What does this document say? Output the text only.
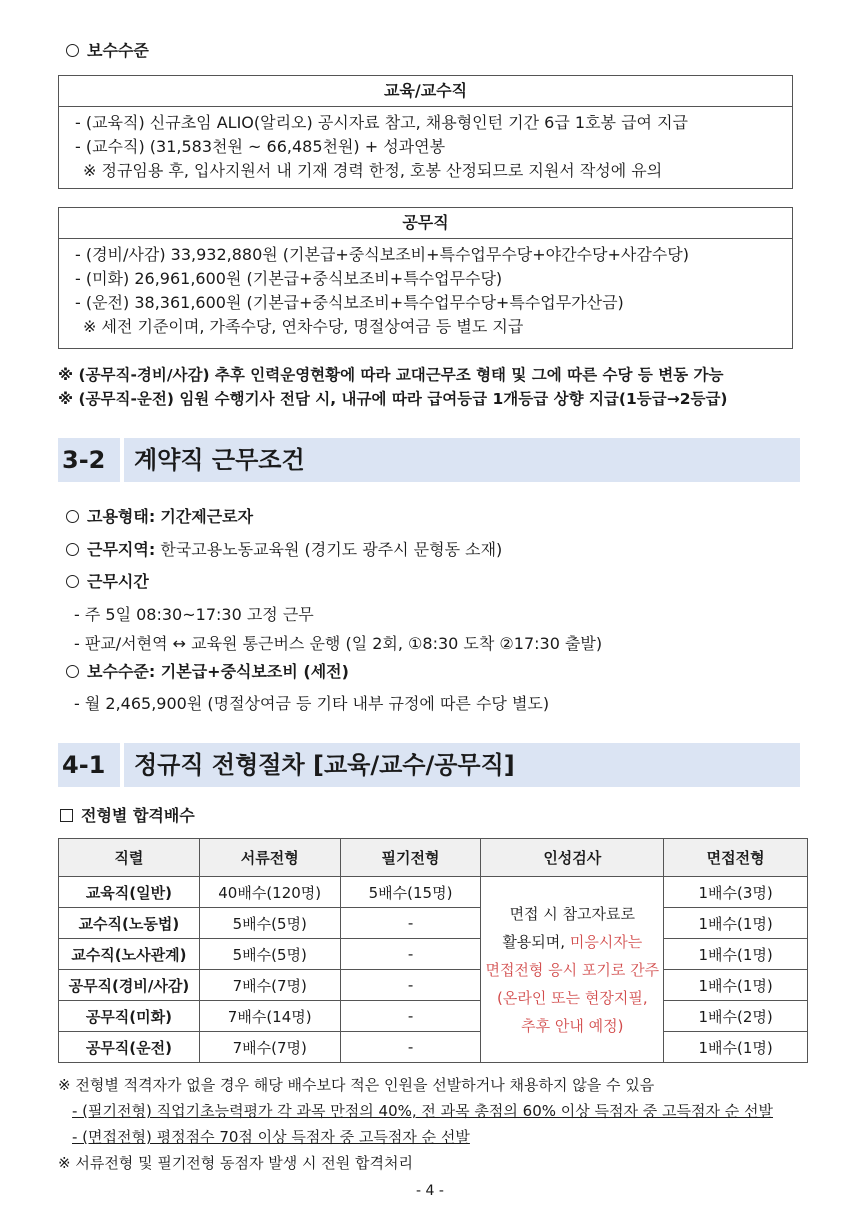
보수수준
교육/교수직
- (교육직) 신규초임 ALIO(알리오) 공시자료 참고, 채용형인턴 기간 6급 1호봉 급여 지급
- (교수직) (31,583천원 ~ 66,485천원) + 성과연봉
※ 정규임용 후, 입사지원서 내 기재 경력 한정, 호봉 산정되므로 지원서 작성에 유의
공무직
- (경비/사감) 33,932,880원 (기본급+중식보조비+특수업무수당+야간수당+사감수당)
- (미화) 26,961,600원 (기본급+중식보조비+특수업무수당)
- (운전) 38,361,600원 (기본급+중식보조비+특수업무수당+특수업무가산금)
※ 세전 기준이며, 가족수당, 연차수당, 명절상여금 등 별도 지급
※ (공무직-경비/사감) 추후 인력운영현황에 따라 교대근무조 형태 및 그에 따른 수당 등 변동 가능
※ (공무직-운전) 임원 수행기사 전담 시, 내규에 따라 급여등급 1개등급 상향 지급(1등급→2등급)
3-2 계약직 근무조건
고용형태: 기간제근로자
근무지역: 한국고용노동교육원 (경기도 광주시 문형동 소재)
근무시간
- 주 5일 08:30~17:30 고정 근무
- 판교/서현역 ↔ 교육원 통근버스 운행 (일 2회, ①8:30 도착 ②17:30 출발)
보수수준: 기본급+중식보조비 (세전)
- 월 2,465,900원 (명절상여금 등 기타 내부 규정에 따른 수당 별도)
4-1 정규직 전형절차 [교육/교수/공무직]
전형별 합격배수
직렬	서류전형	필기전형	인성검사	면접전형
교육직(일반)	40배수(120명)	5배수(15명)	면접 시 참고자료로
활용되며, 미응시자는
면접전형 응시 포기로 간주
(온라인 또는 현장지필,
추후 안내 예정)	1배수(3명)
교수직(노동법)	5배수(5명)	-		1배수(1명)
교수직(노사관계)	5배수(5명)	-		1배수(1명)
공무직(경비/사감)	7배수(7명)	-		1배수(1명)
공무직(미화)	7배수(14명)	-		1배수(2명)
공무직(운전)	7배수(7명)	-		1배수(1명)
※ 전형별 적격자가 없을 경우 해당 배수보다 적은 인원을 선발하거나 채용하지 않을 수 있음
- (필기전형) 직업기초능력평가 각 과목 만점의 40%, 전 과목 총점의 60% 이상 득점자 중 고득점자 순 선발
- (면접전형) 평정점수 70점 이상 득점자 중 고득점자 순 선발
※ 서류전형 및 필기전형 동점자 발생 시 전원 합격처리
- 4 -
